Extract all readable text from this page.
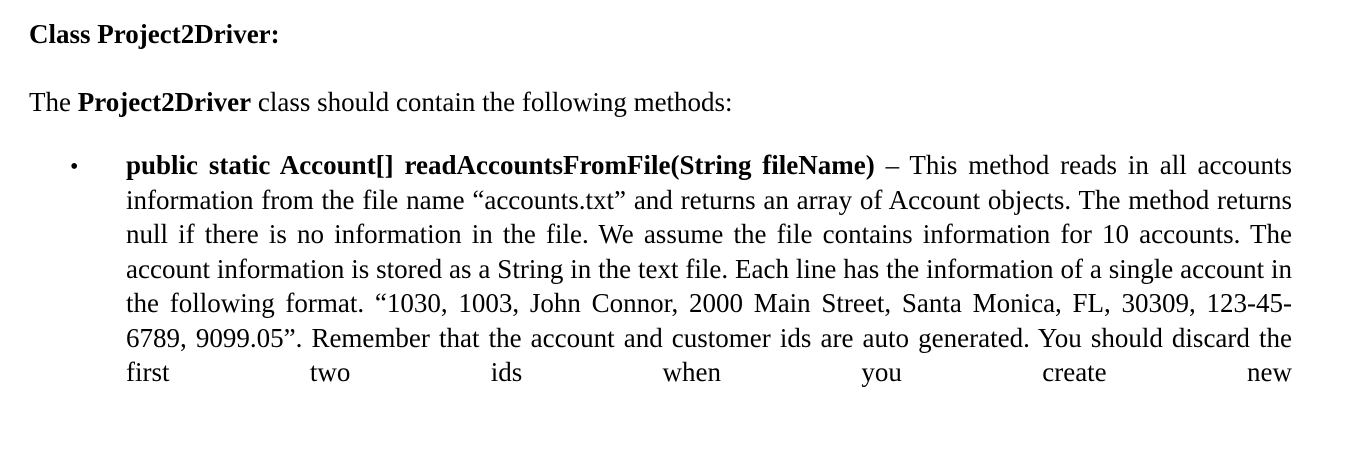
Class Project2Driver:
The Project2Driver class should contain the following methods:
• public static Account[] readAccountsFromFile(String fileName) – This method reads in all accounts information from the file name “accounts.txt” and returns an array of Account objects. The method returns null if there is no information in the file. We assume the file contains information for 10 accounts. The account information is stored as a String in the text file. Each line has the information of a single account in the following format. “1030, 1003, John Connor, 2000 Main Street, Santa Monica, FL, 30309, 123-45-6789, 9099.05”. Remember that the account and customer ids are auto generated. You should discard the first two ids when you create new
